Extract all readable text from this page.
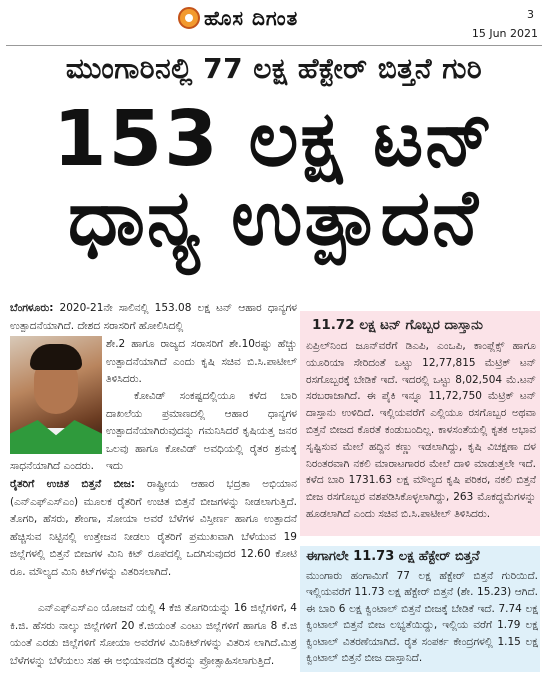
ಹೊಸ ದಿಗಂತ	3
15 Jun 2021
ಮುಂಗಾರಿನಲ್ಲಿ 77 ಲಕ್ಷ ಹೆಕ್ಟೇರ್ ಬಿತ್ತನೆ ಗುರಿ
153 ಲಕ್ಷ ಟನ್
ಧಾನ್ಯ ಉತ್ಪಾದನೆ
ಬೆಂಗಳೂರು: 2020-21ನೇ ಸಾಲಿನಲ್ಲಿ 153.08 ಲಕ್ಷ ಟನ್ ಆಹಾರ ಧಾನ್ಯಗಳ ಉತ್ಪಾದನೆಯಾಗಿದೆ. ದೇಶದ ಸರಾಸರಿಗೆ ಹೋಲಿಸಿದಲ್ಲಿ
ಶೇ.2 ಹಾಗೂ ರಾಜ್ಯದ ಸರಾಸರಿಗೆ ಶೇ.10ರಷ್ಟು ಹೆಚ್ಚು ಉತ್ಪಾದನೆಯಾಗಿದೆ ಎಂದು ಕೃಷಿ ಸಚಿವ ಬಿ.ಸಿ.ಪಾಟೀಲ್ ತಿಳಿಸಿದರು.
ಕೋವಿಡ್ ಸಂಕಷ್ಟದಲ್ಲಿಯೂ ಕಳೆದ ಬಾರಿ ದಾಖಲೆಯ ಪ್ರಮಾಣದಲ್ಲಿ ಆಹಾರ ಧಾನ್ಯಗಳ ಉತ್ಪಾದನೆಯಾಗಿರುವುದನ್ನು ಗಮನಿಸಿದರೆ ಕೃಷಿಯತ್ತ ಜನರ ಒಲವು ಹಾಗೂ ಕೋವಿಡ್ ಅವಧಿಯಲ್ಲಿ ರೈತರ ಶ್ರಮಕ್ಕೆ ಇದು
ಸಾಧನೆಯಾಗಿದೆ ಎಂದರು.
ರೈತರಿಗೆ ಉಚಿತ ಬಿತ್ತನೆ ಬೀಜ: ರಾಷ್ಟ್ರೀಯ ಆಹಾರ ಭದ್ರತಾ ಅಭಿಯಾನ (ಎನ್‌ಎಫ್‌ಎಸ್‌ಎಂ) ಮೂಲಕ ರೈತರಿಗೆ ಉಚಿತ ಬಿತ್ತನೆ ಬೀಜಗಳನ್ನು ನೀಡಲಾಗುತ್ತಿದೆ. ತೊಗರಿ, ಹೆಸರು, ಶೇಂಗಾ, ಸೋಯಾ ಅವರೆ ಬೆಳೆಗಳ ವಿಸ್ತೀರ್ಣ ಹಾಗೂ ಉತ್ಪಾದನೆ ಹೆಚ್ಚಿಸುವ ನಿಟ್ಟಿನಲ್ಲಿ ಉತ್ತೇಜನ ನೀಡಲು ರೈತರಿಗೆ ಪ್ರಮುಖವಾಗಿ ಬೆಳೆಯುವ 19 ಜಿಲ್ಲೆಗಳಲ್ಲಿ ಬಿತ್ತನೆ ಬೀಜಗಳ ಮಿನಿ ಕಿಟ್ ರೂಪದಲ್ಲಿ ಒದಗಿಸುವುದರ 12.60 ಕೋಟಿ ರೂ. ಮೌಲ್ಯದ ಮಿನಿ ಕಿಟ್‌ಗಳನ್ನು ವಿತರಿಸಲಾಗಿದೆ.
ಎನ್‌ಎಫ್‌ಎಸ್‌ಎಂ ಯೋಜನೆ ಯಲ್ಲಿ 4 ಕೆಜಿ ತೊಗರಿಯನ್ನು 16 ಜಿಲ್ಲೆಗಳಿಗೆ, 4 ಕಿ.ಜಿ. ಹೆಸರು ನಾಲ್ಕು ಜಿಲ್ಲೆಗಳಿಗೆ 20 ಕೆ.ಜಿಯಂತೆ ಎಂಟು ಜಿಲ್ಲೆಗಳಿಗೆ ಹಾಗೂ 8 ಕೆ.ಜಿ ಯಂತೆ ಎರಡು ಜಿಲ್ಲೆಗಳಿಗೆ ಸೋಯಾ ಅವರೆಗಳ ಮಿನಿಕಿಟ್‌ಗಳನ್ನು ವಿತರಿಸ ಲಾಗಿದೆ.ಮಿಶ್ರ ಬೆಳೆಗಳನ್ನು ಬೆಳೆಯಲು ಸಹ ಈ ಅಭಿಯಾನದಡಿ ರೈತರನ್ನು ಪ್ರೋತ್ಸಾಹಿಸಲಾಗುತ್ತಿದೆ.
11.72 ಲಕ್ಷ ಟನ್ ಗೊಬ್ಬರ ದಾಸ್ತಾನು
ಏಪ್ರಿಲ್‌ನಿಂದ ಜೂನ್‌ವರೆಗೆ ಡಿಎಪಿ, ಎಂಒಪಿ, ಕಾಂಪ್ಲೆಕ್ಸ್ ಹಾಗೂ ಯೂರಿಯಾ ಸೇರಿದಂತೆ ಒಟ್ಟು 12,77,815 ಮೆಟ್ರಿಕ್ ಟನ್ ರಸಗೊಬ್ಬರಕ್ಕೆ ಬೇಡಿಕೆ ಇದೆ. ಇದರಲ್ಲಿ ಒಟ್ಟು 8,02,504 ಮೆ.ಟನ್ ಸರಬರಾಜಾಗಿದೆ. ಈ ಪೈಕಿ ಇನ್ನೂ 11,72,750 ಮೆಟ್ರಿಕ್ ಟನ್ ದಾಸ್ತಾನು ಉಳಿದಿದೆ. ಇಲ್ಲಿಯವರೆಗೆ ಎಲ್ಲಿಯೂ ರಸಗೊಬ್ಬರ ಅಥವಾ ಬಿತ್ತನೆ ಬೀಜದ ಕೊರತೆ ಕಂಡುಬಂದಿಲ್ಲ. ಕಾಳಸಂತೆಯಲ್ಲಿ ಕೃತಕ ಅಭಾವ ಸೃಷ್ಟಿಸುವ ಮೇಲೆ ಹದ್ದಿನ ಕಣ್ಣು ಇಡಲಾಗಿದ್ದು, ಕೃಷಿ ವಿಚಕ್ಷಣಾ ದಳ ನಿರಂತರವಾಗಿ ನಕಲಿ ಮಾರಾಟಗಾರರ ಮೇಲೆ ದಾಳಿ ಮಾಡುತ್ತಲೇ ಇದೆ. ಕಳೆದ ಬಾರಿ 1731.63 ಲಕ್ಷ ಮೌಲ್ಯದ ಕೃಷಿ ಪರಿಕರ, ನಕಲಿ ಬಿತ್ತನೆ ಬೀಜ ರಸಗೊಬ್ಬರ ವಶಪಡಿಸಿಕೊಳ್ಳಲಾಗಿದ್ದು, 263 ಮೊಕದ್ದಮೆಗಳನ್ನು ಹೂಡಲಾಗಿದೆ ಎಂದು ಸಚಿವ ಬಿ.ಸಿ.ಪಾಟೀಲ್ ತಿಳಿಸಿದರು.
ಈಗಾಗಲೇ 11.73 ಲಕ್ಷ ಹೆಕ್ಟೇರ್ ಬಿತ್ತನೆ
ಮುಂಗಾರು ಹಂಗಾಮಿಗೆ 77 ಲಕ್ಷ ಹೆಕ್ಟೇರ್ ಬಿತ್ತನೆ ಗುರಿಯಿದೆ. ಇಲ್ಲಿಯವರೆಗೆ 11.73 ಲಕ್ಷ ಹೆಕ್ಟೇರ್ ಬಿತ್ತನೆ (ಶೇ. 15.23) ಆಗಿದೆ. ಈ ಬಾರಿ 6 ಲಕ್ಷ ಕ್ವಿಂಟಾಲ್ ಬಿತ್ತನೆ ಬೀಜಕ್ಕೆ ಬೇಡಿಕೆ ಇದೆ. 7.74 ಲಕ್ಷ ಕ್ವಿಂಟಾಲ್ ಬಿತ್ತನೆ ಬೀಜ ಲಭ್ಯತೆಯಿದ್ದು, ಇಲ್ಲಿಯ ವರೆಗೆ 1.79 ಲಕ್ಷ ಕ್ವಿಂಟಾಲ್ ವಿತರಣೆಯಾಗಿದೆ. ರೈತ ಸಂಪರ್ಕ ಕೇಂದ್ರಗಳಲ್ಲಿ 1.15 ಲಕ್ಷ ಕ್ವಿಂಟಾಲ್ ಬಿತ್ತನೆ ಬೀಜ ದಾಸ್ತಾನಿದೆ.
